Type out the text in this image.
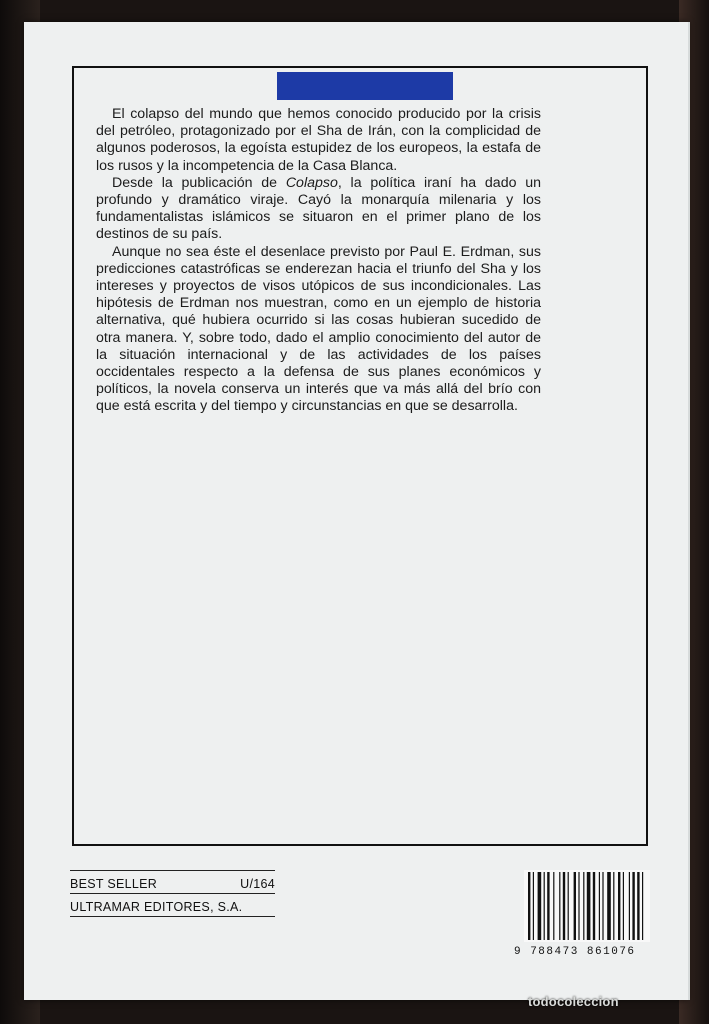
El colapso del mundo que hemos conocido producido por la crisis del petróleo, protagonizado por el Sha de Irán, con la complicidad de algunos poderosos, la egoísta estupidez de los europeos, la estafa de los rusos y la incompetencia de la Casa Blanca.

Desde la publicación de Colapso, la política iraní ha dado un profundo y dramático viraje. Cayó la monarquía milenaria y los fundamentalistas islámicos se situaron en el primer plano de los destinos de su país.

Aunque no sea éste el desenlace previsto por Paul E. Erdman, sus predicciones catastróficas se enderezan hacia el triunfo del Sha y los intereses y proyectos de visos utópicos de sus incondicionales. Las hipótesis de Erdman nos muestran, como en un ejemplo de historia alternativa, qué hubiera ocurrido si las cosas hubieran sucedido de otra manera. Y, sobre todo, dado el amplio conocimiento del autor de la situación internacional y de las actividades de los países occidentales respecto a la defensa de sus planes económicos y políticos, la novela conserva un interés que va más allá del brío con que está escrita y del tiempo y circunstancias en que se desarrolla.

BEST SELLER	U/164
ULTRAMAR EDITORES, S.A.
9 788473 861076
todocoleccion
